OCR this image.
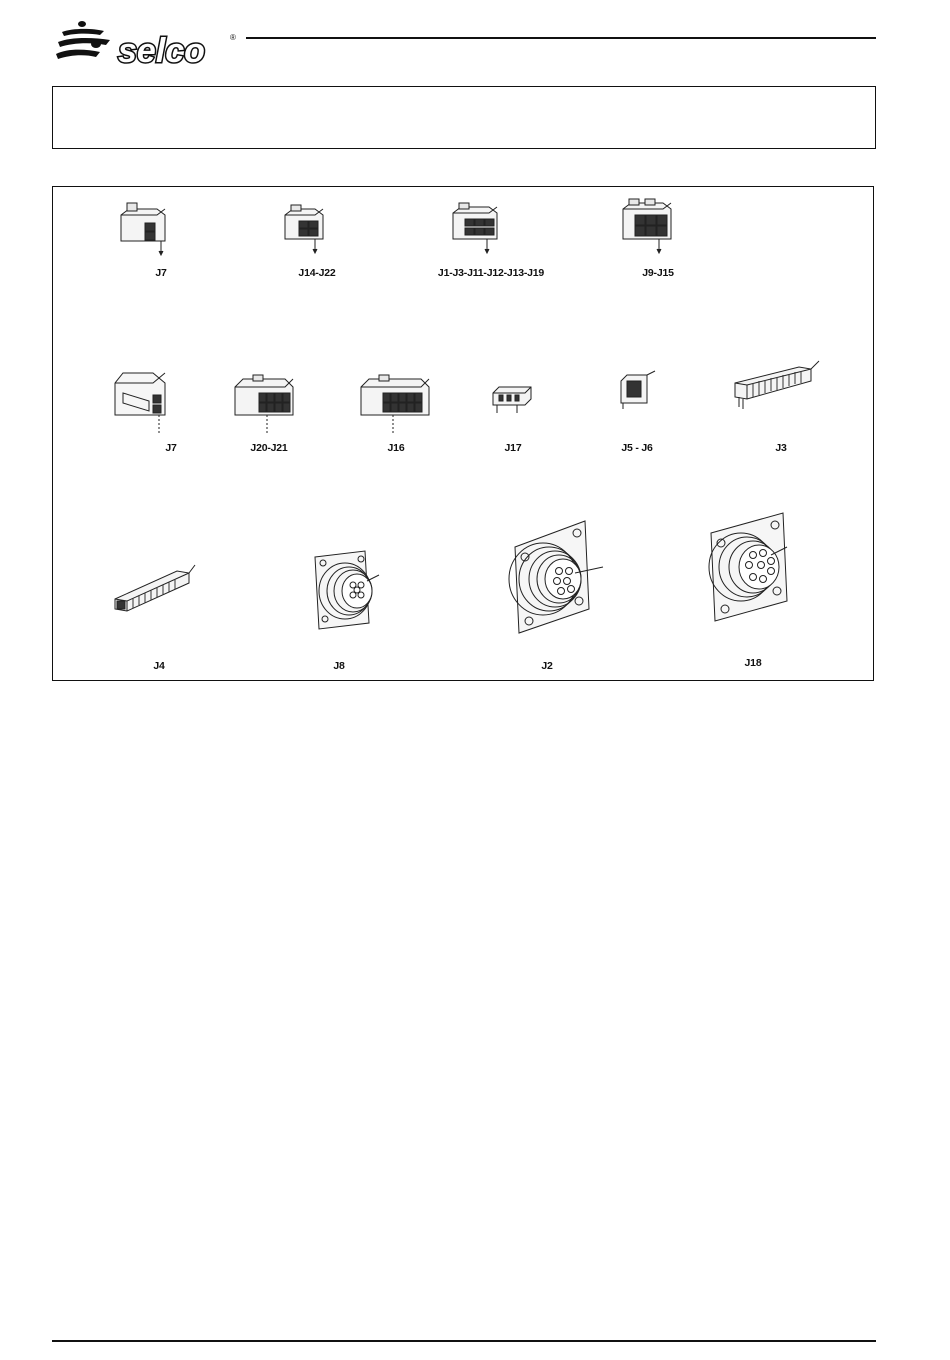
selco	®
J7	J14-J22	J1-J3-J11-J12-J13-J19	J9-J15
J7	J20-J21	J16	J17	J5 - J6	J3
J4	J8	J2	J18
